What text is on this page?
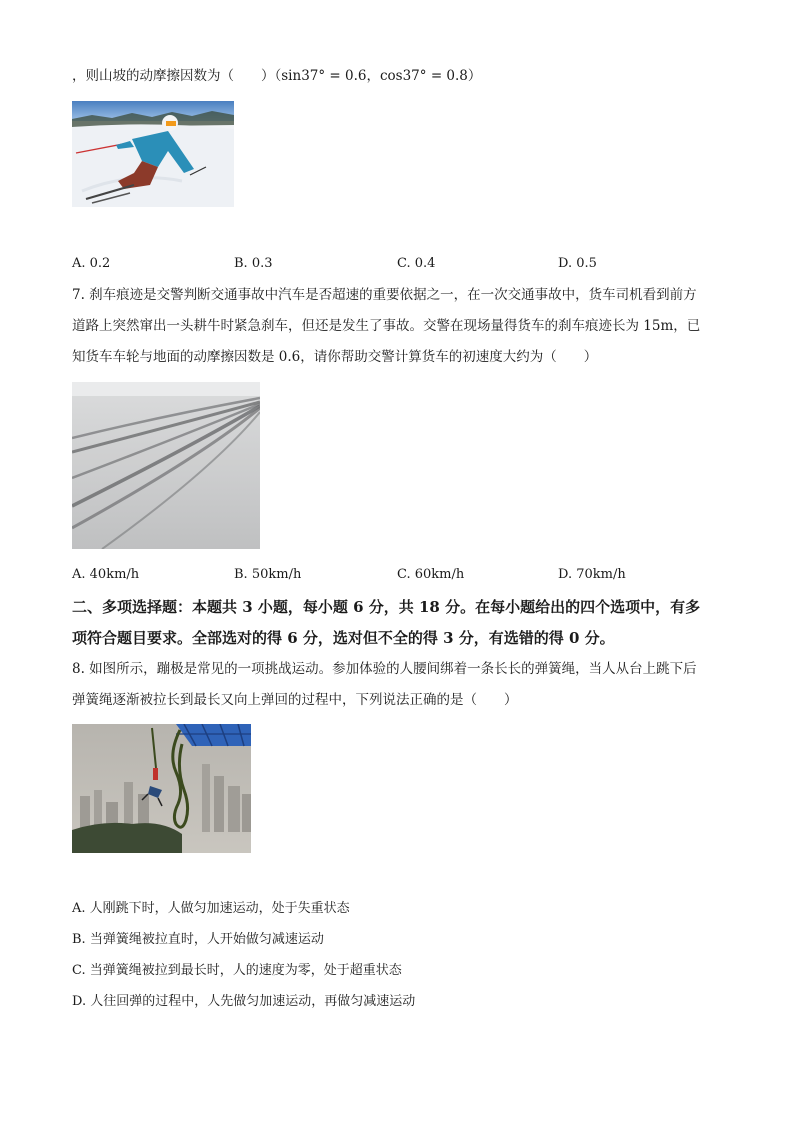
，则山坡的动摩擦因数为（　　）（sin37° = 0.6，cos37° = 0.8）
A. 0.2	B. 0.3	C. 0.4	D. 0.5
7. 刹车痕迹是交警判断交通事故中汽车是否超速的重要依据之一，在一次交通事故中，货车司机看到前方
道路上突然窜出一头耕牛时紧急刹车，但还是发生了事故。交警在现场量得货车的刹车痕迹长为 15m，已
知货车车轮与地面的动摩擦因数是 0.6，请你帮助交警计算货车的初速度大约为（　　）
A. 40km/h	B. 50km/h	C. 60km/h	D. 70km/h
二、多项选择题：本题共 3 小题，每小题 6 分，共 18 分。在每小题给出的四个选项中，有多
项符合题目要求。全部选对的得 6 分，选对但不全的得 3 分，有选错的得 0 分。
8. 如图所示，蹦极是常见的一项挑战运动。参加体验的人腰间绑着一条长长的弹簧绳，当人从台上跳下后
弹簧绳逐渐被拉长到最长又向上弹回的过程中，下列说法正确的是（　　）
A. 人刚跳下时，人做匀加速运动，处于失重状态
B. 当弹簧绳被拉直时，人开始做匀减速运动
C. 当弹簧绳被拉到最长时，人的速度为零，处于超重状态
D. 人往回弹的过程中，人先做匀加速运动，再做匀减速运动
